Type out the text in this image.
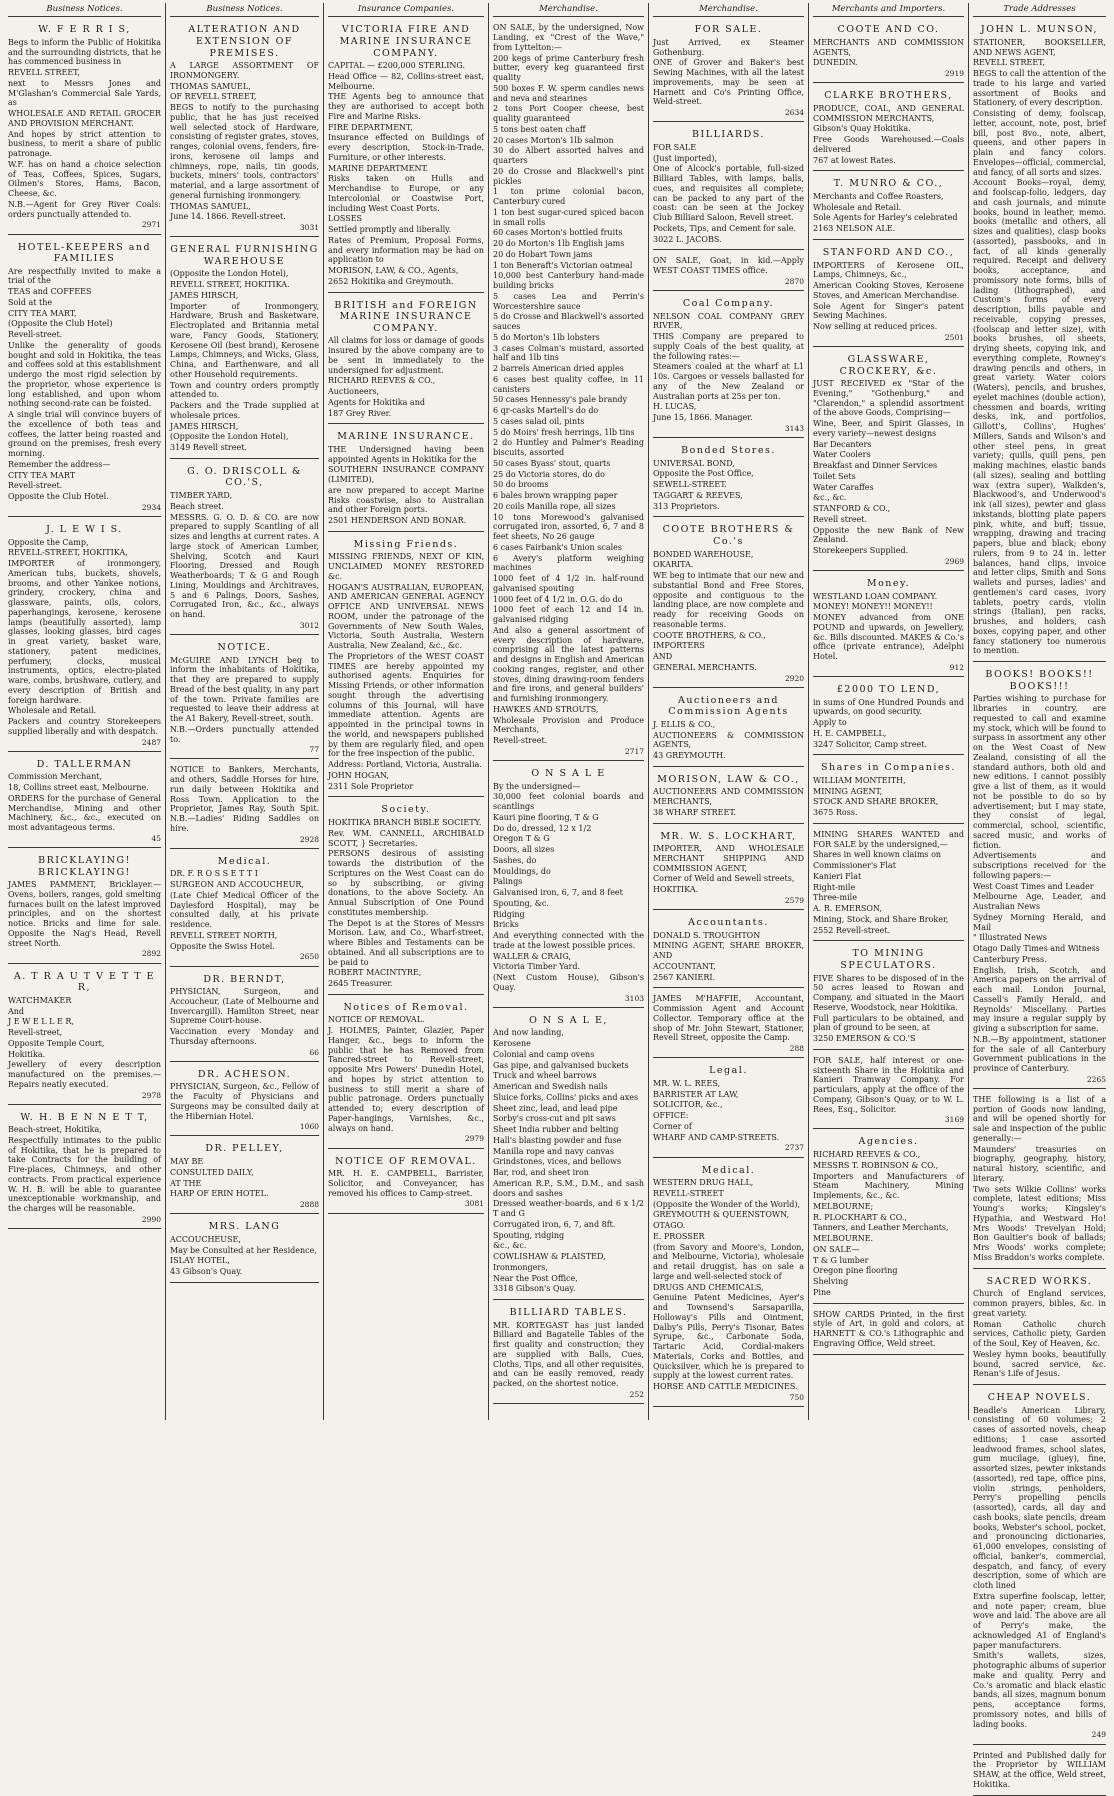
Business Notices.
W. F E R R I S,

Begs to inform the Public of Hokitika and the surrounding districts, that he has commenced business in

REVELL STREET,

next to Messrs Jones and M'Glashan's Commercial Sale Yards, as

WHOLESALE AND RETAIL GROCER AND PROVISION MERCHANT.

And hopes by strict attention to business, to merit a share of public patronage.

W.F. has on hand a choice selection of Teas, Coffees, Spices, Sugars, Oilmen's Stores, Hams, Bacon, Cheese, &c.

N.B.—Agent for Grey River Coals: orders punctually attended to.

2971
HOTEL-KEEPERS and FAMILIES

Are respectfully invited to make a trial of the

TEAS and COFFEES

Sold at the

CITY TEA MART,

(Opposite the Club Hotel)

Revell-street.

Unlike the generality of goods bought and sold in Hokitika, the teas and coffees sold at this establishment undergo the most rigid selection by the proprietor, whose experience is long established, and upon whom nothing second-rate can be foisted.

A single trial will convince buyers of the excellence of both teas and coffees, the latter being roasted and ground on the premises, fresh every morning.

Remember the address—

CITY TEA MART

Revell-street.

Opposite the Club Hotel.

2934
J. L E W I S.

Opposite the Camp,

REVELL-STREET, HOKITIKA,

IMPORTER of ironmongery, American tubs, buckets, shovels, brooms, and other Yankee notions, grindery, crockery, china and glassware, paints, oils, colors, paperhangings, kerosene, kerosene lamps (beautifully assorted), lamp glasses, looking glasses, bird cages in great variety, basket ware, stationery, patent medicines, perfumery, clocks, musical instruments, optics, electro-plated ware, combs, brushware, cutlery, and every description of British and foreign hardware.

Wholesale and Retail.

Packers and country Storekeepers supplied liberally and with despatch.

2487
D. TALLERMAN

Commission Merchant,

18, Collins street east, Melbourne.

ORDERS for the purchase of General Merchandise, Mining and other Machinery, &c., &c., executed on most advantageous terms.

45
BRICKLAYING! BRICKLAYING!

JAMES PAMMENT, Bricklayer.—Ovens, boilers, ranges, gold smelting furnaces built on the latest improved principles, and on the shortest notice. Bricks and lime for sale. Opposite the Nag's Head, Revell street North.

2892
A. T R A U T V E T T E R,

WATCHMAKER

And

J E W E L L E R,

Revell-street,

Opposite Temple Court,

Hokitika.

Jewellery of every description manufactured on the premises.—Repairs neatly executed.

2978
W. H. B E N N E T T,

Beach-street, Hokitika,

Respectfully intimates to the public of Hokitika, that he is prepared to take Contracts for the building of Fire-places, Chimneys, and other contracts. From practical experience W. H. B. will be able to guarantee unexceptionable workmanship, and the charges will be reasonable.

2990
Business Notices.
ALTERATION AND EXTENSION OF PREMISES.

A LARGE ASSORTMENT OF IRONMONGERY.

THOMAS SAMUEL,

OF REVELL STREET,

BEGS to notify to the purchasing public, that he has just received well selected stock of Hardware, consisting of register grates, stoves, ranges, colonial ovens, fenders, fire-irons, kerosene oil lamps and chimneys, rope, nails, tin goods, buckets, miners' tools, contractors' material, and a large assortment of general furnishing ironmongery.

THOMAS SAMUEL,

June 14. 1866. Revell-street.

3031
GENERAL FURNISHING WAREHOUSE

(Opposite the London Hotel),

REVELL STREET, HOKITIKA.

JAMES HIRSCH,

Importer of Ironmongery, Hardware, Brush and Basketware, Electroplated and Britannia metal ware, Fancy Goods, Stationery, Kerosene Oil (best brand), Kerosene Lamps, Chimneys, and Wicks, Glass, China, and Earthenware, and all other Household requirements.

Town and country orders promptly attended to.

Packers and the Trade supplied at wholesale prices.

JAMES HIRSCH,

(Opposite the London Hotel),

3149 Revell street.

G. O. DRISCOLL & CO.'S,

TIMBER YARD,

Beach street.

MESSRS. G. O. D. & CO. are now prepared to supply Scantling of all sizes and lengths at current rates. A large stock of American Lumber, Shelving, Scotch and Kauri Flooring, Dressed and Rough Weatherboards; T & G and Rough Lining, Mouldings and Architraves, 5 and 6 Palings, Doors, Sashes, Corrugated Iron, &c., &c., always on hand.

3012
NOTICE.

McGUIRE AND LYNCH beg to inform the inhabitants of Hokitika, that they are prepared to supply Bread of the best quality, in any part of the town. Private families are requested to leave their address at the A1 Bakery, Revell-street, south.

N.B.—Orders punctually attended to.

77

NOTICE to Bankers, Merchants, and others, Saddle Horses for hire, run daily between Hokitika and Ross Town. Application to the Proprietor, James Ray, South Spit. N.B.—Ladies' Riding Saddles on hire.

2928
Medical.

DR. F. R O S S E T T I

SURGEON AND ACCOUCHEUR,

(Late Chief Medical Officer of the Daylesford Hospital), may be consulted daily, at his private residence.

REVELL STREET NORTH,

Opposite the Swiss Hotel.

2650
DR. BERNDT,

PHYSICIAN, Surgeon, and Accoucheur, (Late of Melbourne and Invercargill). Hamilton Street, near Supreme Court-house.

Vaccination every Monday and Thursday afternoons.

66
DR. ACHESON.

PHYSICIAN, Surgeon, &c., Fellow of the Faculty of Physicians and Surgeons may be consulted daily at the Hibernian Hotel.

1060
DR. PELLEY,

MAY BE

CONSULTED DAILY,

AT THE

HARP OF ERIN HOTEL.

2888
MRS. LANG

ACCOUCHEUSE,

May be Consulted at her Residence,

ISLAY HOTEL,

43 Gibson's Quay.

Insurance Companies.
VICTORIA FIRE AND MARINE INSURANCE COMPANY.

CAPITAL — £200,000 STERLING.

Head Office — 82, Collins-street east, Melbourne.

THE Agents beg to announce that they are authorised to accept both Fire and Marine Risks.

FIRE DEPARTMENT,

Insurance effected on Buildings of every description, Stock-in-Trade, Furniture, or other interests.

MARINE DEPARTMENT.

Risks taken on Hulls and Merchandise to Europe, or any Intercolonial or Coastwise Port, including West Coast Ports.

LOSSES

Settled promptly and liberally.

Rates of Premium, Proposal Forms, and every information may be had on application to

MORISON, LAW, & CO., Agents,

2652 Hokitika and Greymouth.

BRITISH and FOREIGN MARINE INSURANCE COMPANY.

All claims for loss or damage of goods insured by the above company are to be sent in immediately to the undersigned for adjustment.

RICHARD REEVES & CO.,

Auctioneers,

Agents for Hokitika and

187 Grey River.

MARINE INSURANCE.

THE Undersigned having been appointed Agents in Hokitika for the

SOUTHERN INSURANCE COMPANY (LIMITED),

are now prepared to accept Marine Risks coastwise, also to Australian and other Foreign ports.

2501 HENDERSON AND BONAR.

Missing Friends.

MISSING FRIENDS, NEXT OF KIN, UNCLAIMED MONEY RESTORED &c.

HOGAN'S AUSTRALIAN, EUROPEAN, AND AMERICAN GENERAL AGENCY OFFICE AND UNIVERSAL NEWS ROOM, under the patronage of the Governments of New South Wales, Victoria, South Australia, Western Australia, New Zealand, &c., &c.

The Proprietors of the WEST COAST TIMES are hereby appointed my authorised agents. Enquiries for Missing Friends, or other information sought through the advertising columns of this Journal, will have immediate attention. Agents are appointed in the principal towns in the world, and newspapers published by them are regularly filed, and open for the free inspection of the public.

Address: Portland, Victoria, Australia.

JOHN HOGAN,

2311 Sole Proprietor

Society.

HOKITIKA BRANCH BIBLE SOCIETY.

Rev. WM. CANNELL, ARCHIBALD SCOTT, } Secretaries.

PERSONS desirous of assisting towards the distribution of the Scriptures on the West Coast can do so by subscribing, or giving donations, to the above Society. An Annual Subscription of One Pound constitutes membership.

The Depot is at the Stores of Messrs Morison. Law, and Co., Wharf-street, where Bibles and Testaments can be obtained. And all subscriptions are to be paid to

ROBERT MACINTYRE,

2645 Treasurer.

Notices of Removal.

NOTICE OF REMOVAL.

J. HOLMES, Painter, Glazier, Paper Hanger, &c., begs to inform the public that he has Removed from Tancred-street to Revell-street, opposite Mrs Powers' Dunedin Hotel, and hopes by strict attention to business to still merit a share of public patronage. Orders punctually attended to; every description of Paper-hangings, Varnishes, &c., always on hand.

2979
NOTICE OF REMOVAL.

MR. H. E. CAMPBELL, Barrister, Solicitor, and Conveyancer, has removed his offices to Camp-street.

3081
Merchandise.

ON SALE, by the undersigned, Now Landing, ex "Crest of the Wave," from Lyttelton:—

200 kegs of prime Canterbury fresh butter, every keg guaranteed first quality

500 boxes F. W. sperm candles news and neva and stearines

2 tons Port Cooper cheese, best quality guaranteed

5 tons best oaten chaff

20 cases Morton's 1lb salmon

30 do Albert assorted halves and quarters

20 do Crosse and Blackwell's pint pickles

1 ton prime colonial bacon, Canterbury cured

1 ton best sugar-cured spiced bacon in small rolls

60 cases Morton's bottled fruits

20 do Morton's 1lb English jams

20 do Hobart Town jams

1 ton Beneraft's Victorian oatmeal

10,000 best Canterbury hand-made building bricks

5 cases Lea and Perrin's Worcestershire sauce

5 do Crosse and Blackwell's assorted sauces

5 do Morton's 1lb lobsters

3 cases Colman's mustard, assorted half and 1lb tins

2 barrels American dried apples

6 cases best quality coffee, in 11 canisters

50 cases Hennessy's pale brandy

6 qr-casks Martell's do do

5 cases salad oil, pints

5 do Moirs' fresh herrings, 1lb tins

2 do Huntley and Palmer's Reading biscuits, assorted

50 cases Byass' stout, quarts

25 do Victoria stores, do do

50 do brooms

6 bales brown wrapping paper

20 coils Manilla rope, all sizes

10 tons Morewood's galvanised corrugated iron, assorted, 6, 7 and 8 feet sheets, No 26 gauge

6 cases Fairbank's Union scales

6 Avery's platform weighing machines

1000 feet of 4 1/2 in. half-round galvanised spouting

1000 feet of 4 1/2 in. O.G. do do

1000 feet of each 12 and 14 in. galvanised ridging

And also a general assortment of every description of hardware, comprising all the latest patterns and designs in English and American cooking ranges, register, and other stoves, dining drawing-room fenders and fire irons, and general builders' and furnishing ironmongery.

HAWKES AND STROUTS,

Wholesale Provision and Produce Merchants,

Revell-street.

2717
O N S A L E

By the undersigned—

30,000 feet colonial boards and scantlings

Kauri pine flooring, T & G

Do do, dressed, 12 x 1/2

Oregon T & G

Doors, all sizes

Sashes, do

Mouldings, do

Palings

Galvanised iron, 6, 7, and 8 feet

Spouting, &c.

Ridging

Bricks

And everything connected with the trade at the lowest possible prices.

WALLER & CRAIG,

Victoria Timber Yard.

(Next Custom House), Gibson's Quay.

3103
O N S A L E,

And now landing,

Kerosene

Colonial and camp ovens

Gas pipe, and galvanised buckets

Truck and wheel barrows

American and Swedish nails

Sluice forks, Collins' picks and axes

Sheet zinc, lead, and lead pipe

Sorby's cross-cut and pit saws

Sheet India rubber and belting

Hall's blasting powder and fuse

Manilla rope and navy canvas

Grindstones, vices, and bellows

Bar, rod, and sheet iron

American R.P., S.M., D.M., and sash doors and sashes

Dressed weather-boards, and 6 x 1/2 T and G

Corrugated iron, 6, 7, and 8ft.

Spouting, ridging

&c., &c.

COWLISHAW & PLAISTED,

Ironmongers,

Near the Post Office,

3318 Gibson's Quay.

BILLIARD TABLES.

MR. KORTEGAST has just landed Billiard and Bagatelle Tables of the first quality and construction; they are supplied with Balls, Cues, Cloths, Tips, and all other requisites, and can be easily removed, ready packed, on the shortest notice.

252
Merchandise.
FOR SALE.

Just Arrived, ex Steamer Gothenburg.

ONE of Grover and Baker's best Sewing Machines, with all the latest improvements, may be seen at Harnett and Co's Printing Office, Weld-street.

2634
BILLIARDS.

FOR SALE

(Just imported),

One of Alcock's portable, full-sized Billiard Tables, with lamps, balls, cues, and requisites all complete; can be packed to any part of the coast: can be seen at the Jockey Club Billiard Saloon, Revell street.

Pockets, Tips, and Cement for sale.

3022 L. JACOBS.

ON SALE, Goat, in kid.—Apply WEST COAST TIMES office.

2870
Coal Company.

NELSON COAL COMPANY GREY RIVER,

THIS Company are prepared to supply Coals of the best quality, at the following rates:—

Steamers coaled at the wharf at L1 10s. Cargoes or vessels ballasted for any of the New Zealand or Australian ports at 25s per ton.

H. LUCAS,

June 15, 1866. Manager.

3143
Bonded Stores.

UNIVERSAL BOND,

Opposite the Post Office,

SEWELL-STREET.

TAGGART & REEVES,

313 Proprietors.

COOTE BROTHERS & Co.'s

BONDED WAREHOUSE,

OKARITA.

WE beg to intimate that our new and substantial Bond and Free Stores, opposite and contiguous to the landing place, are now complete and ready for receiving Goods on reasonable terms.

COOTE BROTHERS, & CO.,

IMPORTERS

AND

GENERAL MERCHANTS.

2920
Auctioneers and Commission Agents

J. ELLIS & CO.,

AUCTIONEERS & COMMISSION AGENTS,

43 GREYMOUTH.

MORISON, LAW & CO.,

AUCTIONEERS AND COMMISSION MERCHANTS,

38 WHARF STREET.

MR. W. S. LOCKHART,

IMPORTER, AND WHOLESALE MERCHANT SHIPPING AND COMMISSION AGENT,

Corner of Weld and Sewell streets,

HOKITIKA.

2579
Accountants.

DONALD S. TROUGHTON

MINING AGENT, SHARE BROKER, AND

ACCOUNTANT,

2567 KANIERI.

JAMES M'HAFFIE, Accountant, Commission Agent and Account Collector. Temporary office at the shop of Mr. John Stewart, Stationer, Revell Street, opposite the Camp.

288
Legal.

MR. W. L. REES,

BARRISTER AT LAW,

SOLICITOR, &c.,

OFFICE:

Corner of

WHARF AND CAMP-STREETS.

2737
Medical.

WESTERN DRUG HALL,

REVELL-STREET

(Opposite the Wonder of the World),

GREYMOUTH & QUEENSTOWN,

OTAGO.

E. PROSSER

(from Savory and Moore's, London, and Melbourne, Victoria), wholesale and retail druggist, has on sale a large and well-selected stock of

DRUGS AND CHEMICALS,

Genuine Patent Medicines, Ayer's and Townsend's Sarsaparilla, Holloway's Pills and Ointment, Dalby's Pills, Perry's Tisonar, Bates Syrupe, &c., Carbonate Soda, Tartaric Acid, Cordial-makers Materials, Corks and Bottles, and Quicksilver, which he is prepared to supply at the lowest current rates.

HORSE AND CATTLE MEDICINES.

750
Merchants and Importers.
COOTE AND CO.

MERCHANTS AND COMMISSION AGENTS,

DUNEDIN.

2919
CLARKE BROTHERS,

PRODUCE, COAL, AND GENERAL COMMISSION MERCHANTS,

Gibson's Quay Hokitika.

Free Goods Warehoused.—Coals delivered

767 at lowest Rates.

T. MUNRO & CO.,

Merchants and Coffee Roasters,

Wholesale and Retail.

Sole Agents for Harley's celebrated

2163 NELSON ALE.

STANFORD AND CO.,

IMPORTERS of Kerosene OIL, Lamps, Chimneys, &c.,

American Cooking Stoves, Kerosene Stoves, and American Merchandise.

Sole Agent for Singer's patent Sewing Machines.

Now selling at reduced prices.

2501
GLASSWARE, CROCKERY, &c.

JUST RECEIVED ex "Star of the Evening," "Gothenburg," and "Clarendon," a splendid assortment of the above Goods, Comprising—

Wine, Beer, and Spirit Glasses, in every variety—newest designs

Bar Decanters

Water Coolers

Breakfast and Dinner Services

Toilet Sets

Water Caraffes

&c., &c.

STANFORD & CO.,

Revell street.

Opposite the new Bank of New Zealand.

Storekeepers Supplied.

2969
Money.

WESTLAND LOAN COMPANY.

MONEY! MONEY!! MONEY!!

MONEY advanced from ONE POUND and upwards, on Jewellery, &c. Bills discounted. MAKES & Co.'s office (private entrance), Adelphi Hotel.

912
£2000 TO LEND,

in sums of One Hundred Pounds and upwards, on good security.

Apply to

H. E. CAMPBELL,

3247 Solicitor, Camp street.

Shares in Companies.

WILLIAM MONTEITH,

MINING AGENT,

STOCK AND SHARE BROKER,

3675 Ross.

MINING SHARES WANTED and FOR SALE by the undersigned,—

Shares in well known claims on

Commissioner's Flat

Kanieri Flat

Right-mile

Three-mile

A. R. EMERSON,

Mining, Stock, and Share Broker,

2552 Revell-street.

TO MINING SPECULATORS.

FIVE Shares to be disposed of in the 50 acres leased to Rowan and Company, and situated in the Maori Reserve, Woodstock, near Hokitika.

Full particulars to be obtained, and plan of ground to be seen, at

3250 EMERSON & CO.'S

FOR SALE, half interest or one-sixteenth Share in the Hokitika and Kanieri Tramway Company. For particulars, apply at the office of the Company, Gibson's Quay, or to W. L. Rees, Esq., Solicitor.

3169
Agencies.

RICHARD REEVES & CO.,

MESSRS T. ROBINSON & CO.,

Importers and Manufacturers of Steam Machinery, Mining Implements, &c., &c.

MELBOURNE;

R. PLOCKHART & CO.,

Tanners, and Leather Merchants,

MELBOURNE.

ON SALE—

T & G lumber

Oregon pine flooring

Shelving

Pine

SHOW CARDS Printed, in the first style of Art, in gold and colors, at HARNETT & CO.'s Lithographic and Engraving Office, Weld street.

Trade Addresses
JOHN L. MUNSON,

STATIONER, BOOKSELLER, AND NEWS AGENT,

REVELL STREET,

BEGS to call the attention of the trade to his large and varied assortment of Books and Stationery, of every description.

Consisting of demy, foolscap, letter, account, note, post, brief bill, post 8vo., note, albert, queens, and other papers in plain and fancy colors. Envelopes—official, commercial, and fancy, of all sorts and sizes.

Account Books—royal, demy, and foolscap-folio, ledgers, day and cash journals, and minute books, bound in leather, memo. books (metallic and others, all sizes and qualities), clasp books (assorted), passbooks, and in fact, of all kinds generally required. Receipt and delivery books, acceptance, and promissory note forms, bills of lading (lithographed), and Custom's forms of every description, bills payable and receivable, copying presses, (foolscap and letter size), with books brushes, oil sheets, drying sheets, copying ink, and everything complete, Rowney's drawing pencils and others, in great variety. Water colors (Waters), pencils, and brushes, eyelet machines (double action), chessmen and boards, writing desks, ink, and portfolios, Gillott's, Collins', Hughes' Millers, Sands and Wilson's and other steel pens, in great variety; quills, quill pens, pen making machines, elastic bands (all sizes), sealing and bottling wax (extra super), Walkden's, Blackwood's, and Underwood's ink (all sizes), pewter and glass inkstands, blotting plate papers pink, white, and buff; tissue, wrapping, drawing and tracing papers, blue and black; ebony rulers, from 9 to 24 in. letter balances, hand clips, invoice and letter clips, Smith and Sons wallets and purses, ladies' and gentlemen's card cases, ivory tablets, poetry cards, violin strings (Italian), pen racks, brushes, and holders, cash boxes, copying paper, and other fancy stationery too numerous to mention.

BOOKS! BOOKS!! BOOKS!!!

Parties wishing to purchase for libraries in country, are requested to call and examine my stock, which will be found to surpass in assortment any other on the West Coast of New Zealand, consisting of all the standard authors, both old and new editions. I cannot possibly give a list of them, as it would not be possible to do so by advertisement; but I may state, they consist of legal, commercial, school, scientific, sacred music, and works of fiction.

Advertisements and subscriptions received for the following papers:—

West Coast Times and Leader

Melbourne Age, Leader, and Australian News

Sydney Morning Herald, and Mail

" Illustrated News

Otago Daily Times and Witness

Canterbury Press.

English, Irish, Scotch, and America papers on the arrival of each mail. London Journal, Cassell's Family Herald, and Reynolds' Miscellany. Parties may insure a regular supply by giving a subscription for same.

N.B.—By appointment, stationer for the sale of all Canterbury Government publications in the province of Canterbury.

2265

THE following is a list of a portion of Goods now landing, and will be opened shortly for sale and inspection of the public generally:—

Maunders' treasuries on biography, geography, history, natural history, scientific, and literary.

Two sets Wilkie Collins' works complete, latest editions; Miss Young's works; Kingsley's Hypathia, and Westward Ho! Mrs Woods' Trevelyan Hold; Bon Gaultier's book of ballads; Mrs Woods' works complete; Miss Braddon's works complete.

SACRED WORKS.

Church of England services, common prayers, bibles, &c. in great variety.

Roman Catholic church services, Catholic piety, Garden of the Soul, Key of Heaven, &c.

Wesley hymn books, beautifully bound, sacred service, &c. Renan's Life of Jesus.

CHEAP NOVELS.

Beadle's American Library, consisting of 60 volumes; 2 cases of assorted novels, cheap editions; 1 case assorted leadwood frames, school slates, gum mucilage, (gluey), fine, assorted sizes, pewter inkstands (assorted), red tape, office pins, violin strings, penholders, Perry's propelling pencils (assorted), cards, all day and cash books, slate pencils, dream books, Webster's school, pocket, and pronouncing dictionaries, 61,000 envelopes, consisting of official, banker's, commercial, despatch, and fancy, of every description, some of which are cloth lined

Extra superfine foolscap, letter, and note paper; cream, blue wove and laid. The above are all of Perry's make, the acknowledged A1 of England's paper manufacturers.

Smith's wallets, sizes, photographic albums of superior make and quality. Perry and Co.'s aromatic and black elastic bands, all sizes, magnum bonum pens, acceptance forms, promissory notes, and bills of lading books.

249

Printed and Published daily for the Proprietor by WILLIAM SHAW, at the office, Weld street, Hokitika.
